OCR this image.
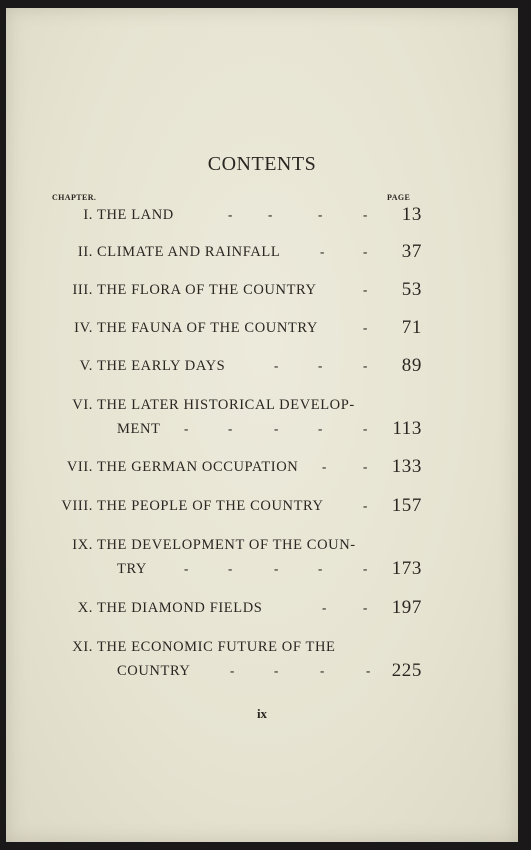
CONTENTS
CHAPTER.	PAGE
I. THE LAND	-	-	-	- 13
II. CLIMATE AND RAINFALL	-	- 37
III. THE FLORA OF THE COUNTRY	- 53
IV. THE FAUNA OF THE COUNTRY	- 71
V. THE EARLY DAYS	-	-	- 89
VI. THE LATER HISTORICAL DEVELOP-
MENT -	-	-	-	- 113
VII. THE GERMAN OCCUPATION -	- 133
VIII. THE PEOPLE OF THE COUNTRY	- 157
IX. THE DEVELOPMENT OF THE COUN-
TRY	-	-	-	-	- 173
X. THE DIAMOND FIELDS	-	- 197
XI. THE ECONOMIC FUTURE OF THE
COUNTRY	-	-	-	- 225
ix
